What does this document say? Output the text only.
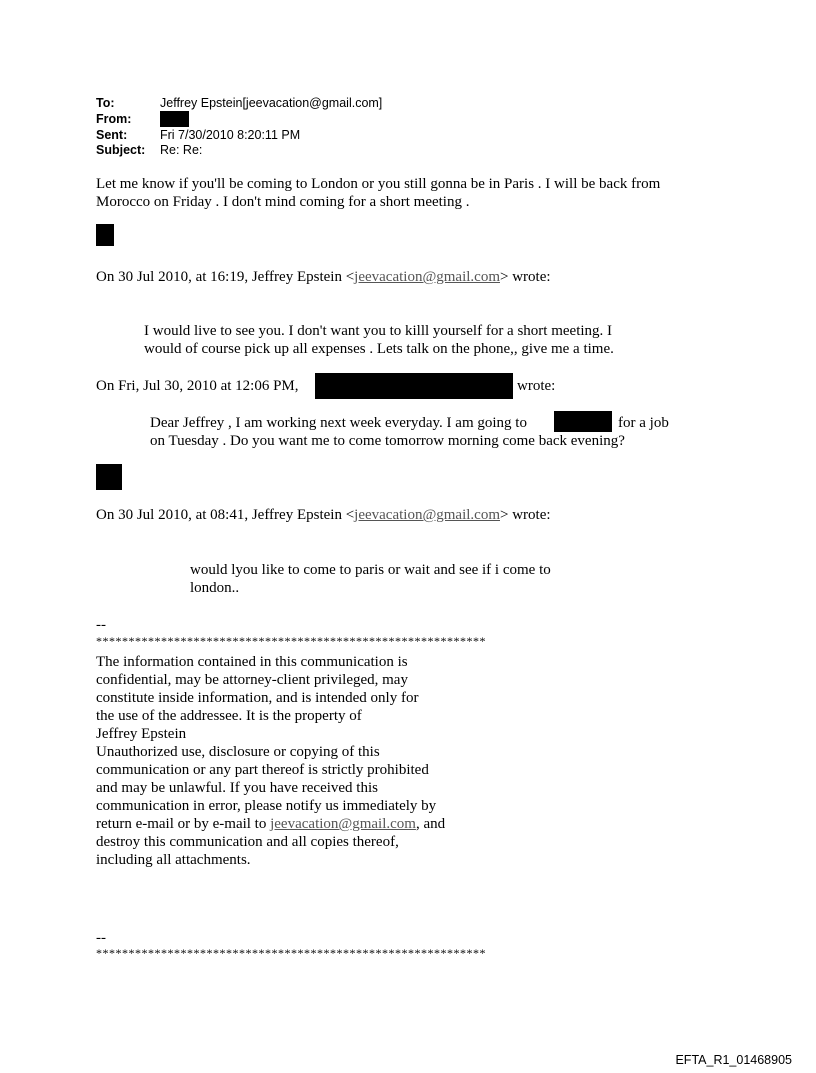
To:	Jeffrey Epstein[jeevacation@gmail.com]
From:
Sent:	Fri 7/30/2010 8:20:11 PM
Subject: Re: Re:
Let me know if you'll be coming to London or you still gonna be in Paris . I will be back from
Morocco on Friday . I don't mind coming for a short meeting .
On 30 Jul 2010, at 16:19, Jeffrey Epstein <jeevacation@gmail.com> wrote:
I would live to see you. I don't want you to killl yourself for a short meeting. I
would of course pick up all expenses . Lets talk on the phone,, give me a time.
On Fri, Jul 30, 2010 at 12:06 PM,	wrote:
Dear Jeffrey , I am working next week everyday. I am going to	for a job
on Tuesday . Do you want me to come tomorrow morning come back evening?
On 30 Jul 2010, at 08:41, Jeffrey Epstein <jeevacation@gmail.com> wrote:
would lyou like to come to paris or wait and see if i come to
london..
--
************************************************************
The information contained in this communication is
confidential, may be attorney-client privileged, may
constitute inside information, and is intended only for
the use of the addressee. It is the property of
Jeffrey Epstein
Unauthorized use, disclosure or copying of this
communication or any part thereof is strictly prohibited
and may be unlawful. If you have received this
communication in error, please notify us immediately by
return e-mail or by e-mail to jeevacation@gmail.com, and
destroy this communication and all copies thereof,
including all attachments.
--
************************************************************
EFTA_R1_01468905
